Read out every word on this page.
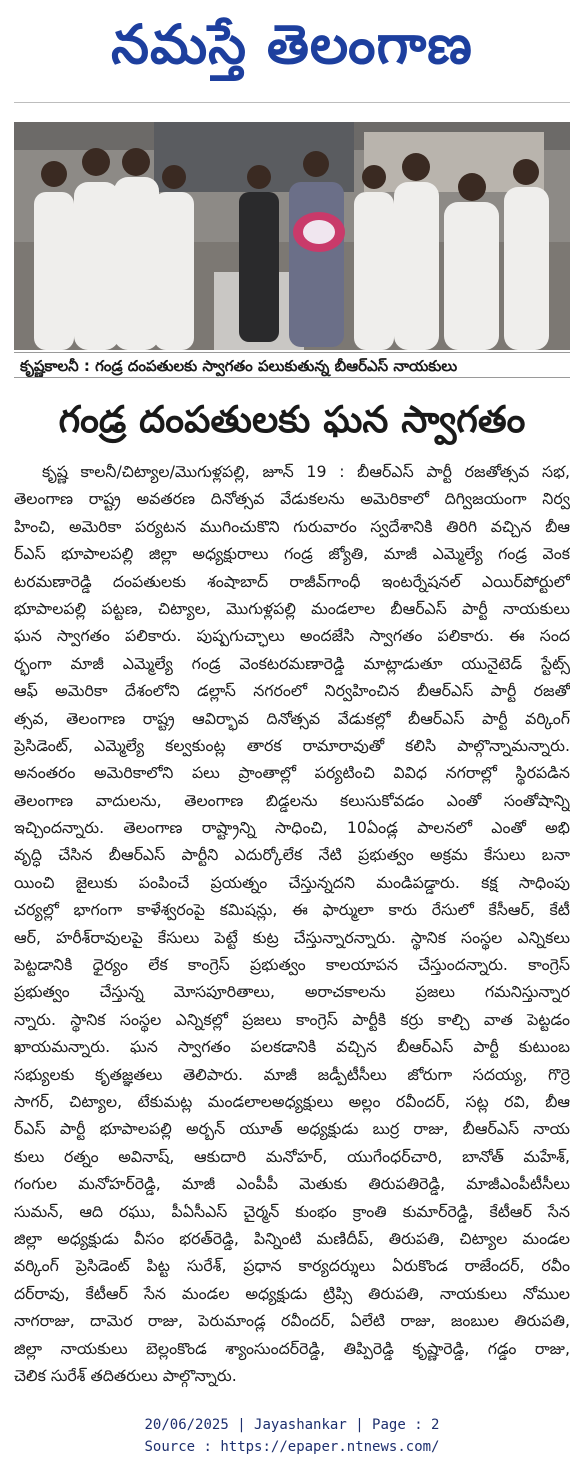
నమస్తే తెలంగాణ
కృష్ణకాలనీ : గండ్ర దంపతులకు స్వాగతం పలుకుతున్న బీఆర్ఎస్ నాయకులు
గండ్ర దంపతులకు ఘన స్వాగతం
కృష్ణ కాలనీ/చిట్యాల/మొగుళ్లపల్లి, జూన్ 19 : బీఆర్ఎస్ పార్టీ రజతోత్సవ సభ,
తెలంగాణ రాష్ట్ర అవతరణ దినోత్సవ వేడుకలను అమెరికాలో దిగ్విజయంగా నిర్వ
హించి, అమెరికా పర్యటన ముగించుకొని గురువారం స్వదేశానికి తిరిగి వచ్చిన బీఆ
ర్ఎస్ భూపాలపల్లి జిల్లా అధ్యక్షురాలు గండ్ర జ్యోతి, మాజీ ఎమ్మెల్యే గండ్ర వెంక
టరమణారెడ్డి దంపతులకు శంషాబాద్ రాజీవ్‌గాంధీ ఇంటర్నేషనల్ ఎయిర్‌పోర్టులో
భూపాలపల్లి పట్టణ, చిట్యాల, మొగుళ్లపల్లి మండలాల బీఆర్ఎస్ పార్టీ నాయకులు
ఘన స్వాగతం పలికారు. పుష్పగుచ్ఛాలు అందజేసి స్వాగతం పలికారు. ఈ సంద
ర్భంగా మాజీ ఎమ్మెల్యే గండ్ర వెంకటరమణారెడ్డి మాట్లాడుతూ యునైటెడ్ స్టేట్స్
ఆఫ్ అమెరికా దేశంలోని డల్లాస్ నగరంలో నిర్వహించిన బీఆర్ఎస్ పార్టీ రజతో
త్సవ, తెలంగాణ రాష్ట్ర ఆవిర్భావ దినోత్సవ వేడుకల్లో బీఆర్ఎస్ పార్టీ వర్కింగ్
ప్రెసిడెంట్, ఎమ్మెల్యే కల్వకుంట్ల తారక రామారావుతో కలిసి పాల్గొన్నామన్నారు.
అనంతరం అమెరికాలోని పలు ప్రాంతాల్లో పర్యటించి వివిధ నగరాల్లో స్థిరపడిన
తెలంగాణ వాదులను, తెలంగాణ బిడ్డలను కలుసుకోవడం ఎంతో సంతోషాన్ని
ఇచ్చిందన్నారు. తెలంగాణ రాష్ట్రాన్ని సాధించి, 10ఏండ్ల పాలనలో ఎంతో అభి
వృద్ధి చేసిన బీఆర్ఎస్ పార్టీని ఎదుర్కోలేక నేటి ప్రభుత్వం అక్రమ కేసులు బనా
యించి జైలుకు పంపించే ప్రయత్నం చేస్తున్నదని మండిపడ్డారు. కక్ష సాధింపు
చర్యల్లో భాగంగా కాళేశ్వరంపై కమిషన్లు, ఈ ఫార్ములా కారు రేసులో కేసీఆర్, కేటీ
ఆర్, హరీశ్‌రావులపై కేసులు పెట్టే కుట్ర చేస్తున్నారన్నారు. స్థానిక సంస్థల ఎన్నికలు
పెట్టడానికి ధైర్యం లేక కాంగ్రెస్ ప్రభుత్వం కాలయాపన చేస్తుందన్నారు. కాంగ్రెస్
ప్రభుత్వం చేస్తున్న మోసపూరితాలు, అరాచకాలను ప్రజలు గమనిస్తున్నార
న్నారు. స్థానిక సంస్థల ఎన్నికల్లో ప్రజలు కాంగ్రెస్ పార్టీకి కర్రు కాల్చి వాత పెట్టడం
ఖాయమన్నారు. ఘన స్వాగతం పలకడానికి వచ్చిన బీఆర్ఎస్ పార్టీ కుటుంబ
సభ్యులకు కృతజ్ఞతలు తెలిపారు. మాజీ జడ్పీటీసీలు జోరుగా సదయ్య, గొర్రె
సాగర్, చిట్యాల, టేకుమట్ల మండలాలఅధ్యక్షులు అల్లం రవీందర్, సట్ల రవి, బీఆ
ర్ఎస్ పార్టీ భూపాలపల్లి అర్బన్ యూత్ అధ్యక్షుడు బుర్ర రాజు, బీఆర్ఎస్ నాయ
కులు రత్నం అవినాష్, ఆకుదారి మనోహర్, యుగేంధర్‌చారి, బానోత్ మహేశ్,
గంగుల మనోహర్‌రెడ్డి, మాజీ ఎంపీపీ మెతుకు తిరుపతిరెడ్డి, మాజీఎంపీటీసీలు
సుమన్, ఆది రఘు, పీఏసీఎస్ చైర్మన్ కుంభం క్రాంతి కుమార్‌రెడ్డి, కేటీఆర్ సేన
జిల్లా అధ్యక్షుడు వీసం భరత్‌రెడ్డి, పిన్నింటి మణిదీప్, తిరుపతి, చిట్యాల మండల
వర్కింగ్ ప్రెసిడెంట్ పిట్ట సురేశ్, ప్రధాన కార్యదర్శులు ఏరుకొండ రాజేందర్, రవీం
దర్‌రావు, కేటీఆర్ సేన మండల అధ్యక్షుడు ట్రిప్సి తిరుపతి, నాయకులు నోముల
నాగరాజు, దామెర రాజు, పెరుమాండ్ల రవీందర్, ఏలేటి రాజు, జంబుల తిరుపతి,
జిల్లా నాయకులు బెల్లంకొండ శ్యాంసుందర్‌రెడ్డి, తిప్పిరెడ్డి కృష్ణారెడ్డి, గడ్డం రాజు,
చెలిక సురేశ్ తదితరులు పాల్గొన్నారు.
20/06/2025 | Jayashankar | Page : 2
Source : https://epaper.ntnews.com/
